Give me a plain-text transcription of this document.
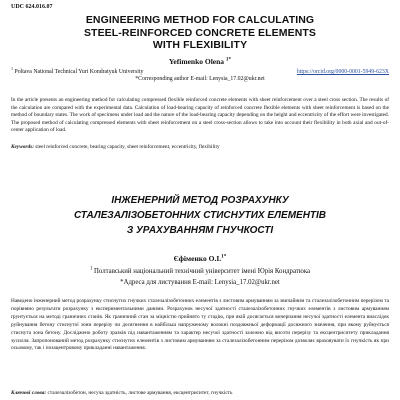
UDC 624.016.07
ENGINEERING METHOD FOR CALCULATING
STEEL-REINFORCED CONCRETE ELEMENTS
WITH FLEXIBILITY
Yefimenko Olena $^{1*}$
$^1$ Poltava National Technical Yuri Kondratyuk University	https://orcid.org/0000-0001-5949-623X
*Corresponding author E-mail: Lenysia_17.02@ukr.net
In the article presents an engineering method for calculating compressed flexible reinforced concrete elements with sheet reinforcement over a steel cross section. The results of the calculation are compared with the experimental data. Calculation of load-bearing capacity of reinforced concrete flexible elements with sheet reinforcement is based on the method of boundary states. The work of specimens under load and the nature of the load-bearing capacity depending on the height and eccentricity of the effort were investigated. The proposed method of calculating compressed elements with sheet reinforcement on a steel cross-section allows to take into account their flexibility in both axial and out-of-center application of load.
Keywords: steel reinforced concrete, bearing capacity, sheet reinforcement, eccentricity, flexibility
ІНЖЕНЕРНИЙ МЕТОД РОЗРАХУНКУ
СТАЛЕЗАЛІЗОБЕТОННИХ СТИСНУТИХ ЕЛЕМЕНТІВ
З УРАХУВАННЯМ ГНУЧКОСТІ
Єфіменко О.І.$^{1*}$
$^1$ Полтавський національний технічний університет імені Юрія Кондратюка
*Адреса для листування E-mail: Lenysia_17.02@ukr.net
Наведено інженерний метод розрахунку стиснутих гнучких сталезалізобетонних елементів з листовим армуванням за звичайним та сталезалізобетонним перерізом та порівняно результати розрахунку з експериментальними даними. Розрахунок несучої здатності сталезалізобетонних гнучких елементів з листовим армуванням ґрунтується на методі граничних станів. Як граничний стан за міцністю прийнято ту стадію, при якій досягається вичерпання несучої здатності елемента внаслідок руйнування бетону стиснутої зони перерізу чи досягнення в найбільш напруженому волокні поздовжньої деформації досяжного значення, при якому руйнується стиснута зона бетону. Досліджено роботу зразків під навантаженням та характер несучої здатності залежно від висоти перерізу та ексцентриситету прикладання зусилля. Запропонований метод розрахунку стиснутих елементів з листовим армуванням за сталезалізобетонним перерізом дозволяє враховувати їх гнучкість як при осьовому, так і позацентровому прикладанні навантаження.
Ключові слова: сталезалізобетон, несуча здатність, листове армування, ексцентриситет, гнучкість
